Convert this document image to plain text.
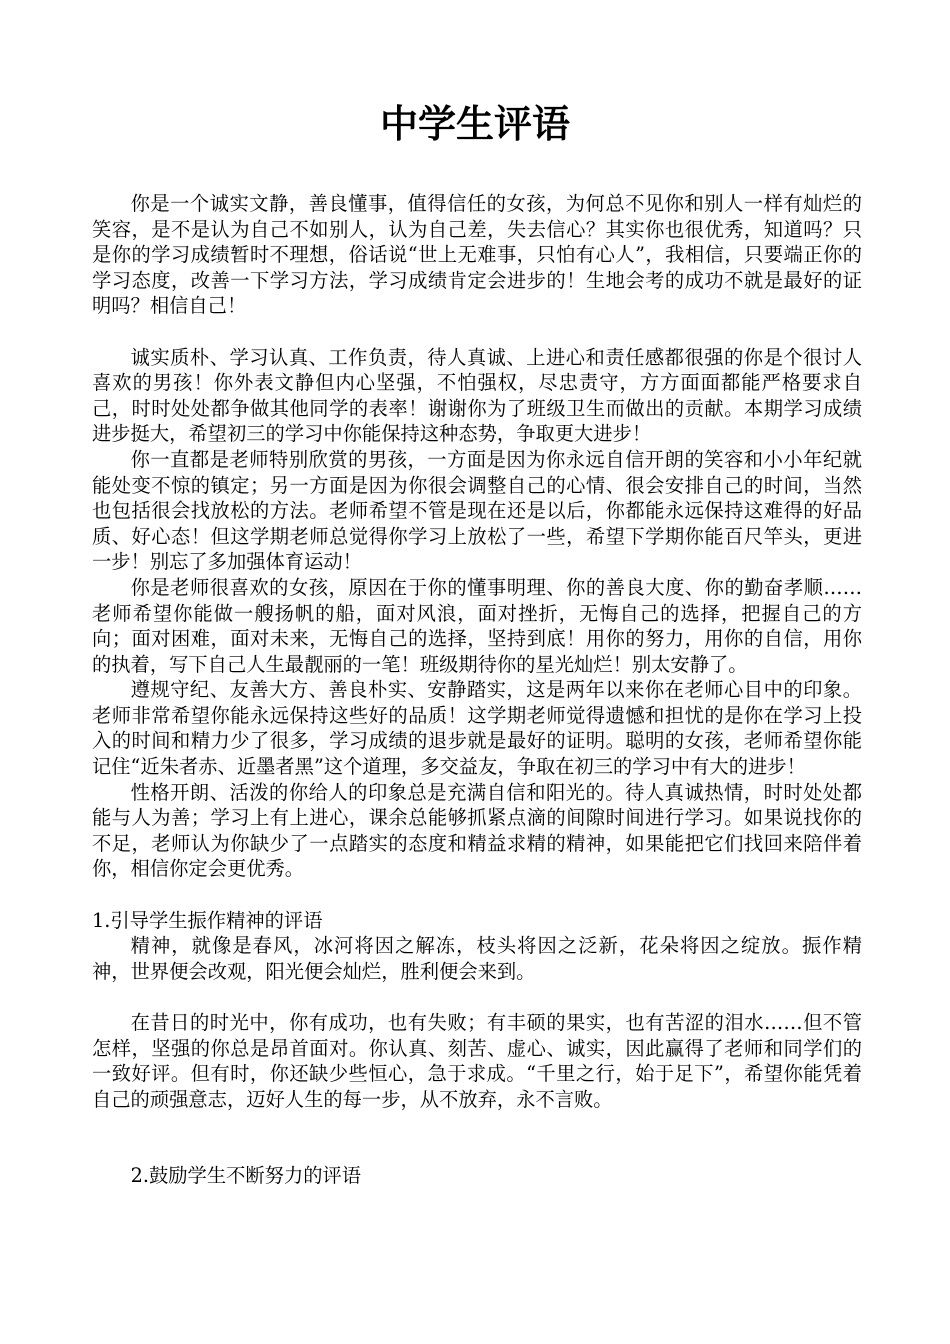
中学生评语

你是一个诚实文静，善良懂事，值得信任的女孩，为何总不见你和别人一样有灿烂的笑容，是不是认为自己不如别人，认为自己差，失去信心？其实你也很优秀，知道吗？只是你的学习成绩暂时不理想，俗话说“世上无难事，只怕有心人”，我相信，只要端正你的学习态度，改善一下学习方法，学习成绩肯定会进步的！生地会考的成功不就是最好的证明吗？相信自己！

诚实质朴、学习认真、工作负责，待人真诚、上进心和责任感都很强的你是个很讨人喜欢的男孩！你外表文静但内心坚强，不怕强权，尽忠责守，方方面面都能严格要求自己，时时处处都争做其他同学的表率！谢谢你为了班级卫生而做出的贡献。本期学习成绩进步挺大，希望初三的学习中你能保持这种态势，争取更大进步！

你一直都是老师特别欣赏的男孩，一方面是因为你永远自信开朗的笑容和小小年纪就能处变不惊的镇定；另一方面是因为你很会调整自己的心情、很会安排自己的时间，当然也包括很会找放松的方法。老师希望不管是现在还是以后，你都能永远保持这难得的好品质、好心态！但这学期老师总觉得你学习上放松了一些，希望下学期你能百尺竿头，更进一步！别忘了多加强体育运动！

你是老师很喜欢的女孩，原因在于你的懂事明理、你的善良大度、你的勤奋孝顺……老师希望你能做一艘扬帆的船，面对风浪，面对挫折，无悔自己的选择，把握自己的方向；面对困难，面对未来，无悔自己的选择，坚持到底！用你的努力，用你的自信，用你的执着，写下自己人生最靓丽的一笔！班级期待你的星光灿烂！别太安静了。

遵规守纪、友善大方、善良朴实、安静踏实，这是两年以来你在老师心目中的印象。老师非常希望你能永远保持这些好的品质！这学期老师觉得遗憾和担忧的是你在学习上投入的时间和精力少了很多，学习成绩的退步就是最好的证明。聪明的女孩，老师希望你能记住“近朱者赤、近墨者黑”这个道理，多交益友，争取在初三的学习中有大的进步！

性格开朗、活泼的你给人的印象总是充满自信和阳光的。待人真诚热情，时时处处都能与人为善；学习上有上进心，课余总能够抓紧点滴的间隙时间进行学习。如果说找你的不足，老师认为你缺少了一点踏实的态度和精益求精的精神，如果能把它们找回来陪伴着你，相信你定会更优秀。

1.引导学生振作精神的评语

精神，就像是春风，冰河将因之解冻，枝头将因之泛新，花朵将因之绽放。振作精神，世界便会改观，阳光便会灿烂，胜利便会来到。

在昔日的时光中，你有成功，也有失败；有丰硕的果实，也有苦涩的泪水……但不管怎样，坚强的你总是昂首面对。你认真、刻苦、虚心、诚实，因此赢得了老师和同学们的一致好评。但有时，你还缺少些恒心，急于求成。“千里之行，始于足下”，希望你能凭着自己的顽强意志，迈好人生的每一步，从不放弃，永不言败。

2.鼓励学生不断努力的评语
